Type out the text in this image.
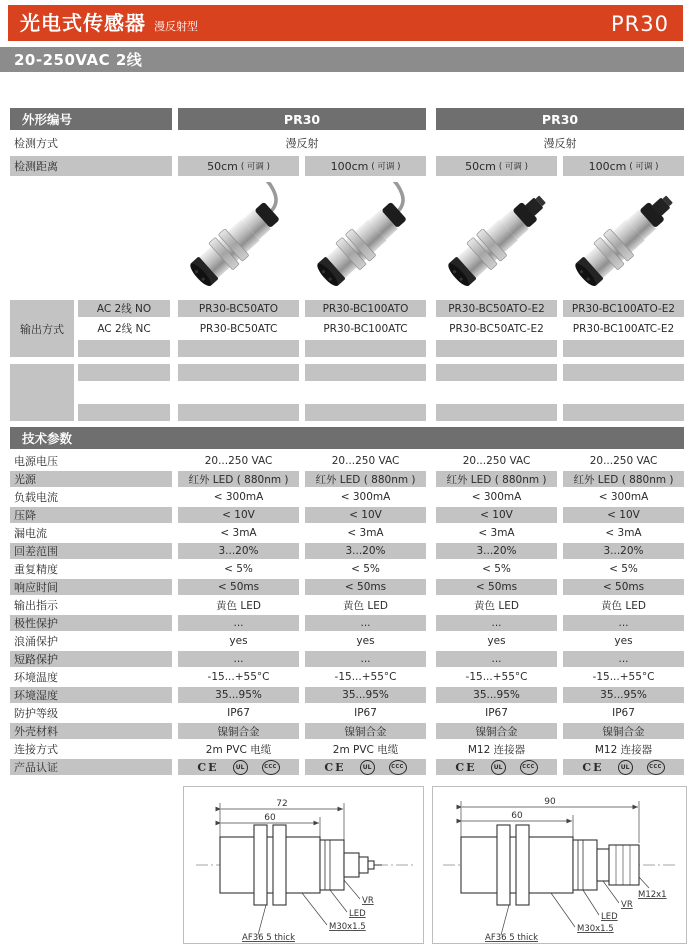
光电式传感器 漫反射型	PR30
20-250VAC 2线
外形编号	PR30	PR30
检测方式	漫反射	漫反射
检测距离	50cm ( 可调 )	100cm ( 可调 )	50cm ( 可调 )	100cm ( 可调 )
输出方式
AC 2线 NO	PR30-BC50ATO	PR30-BC100ATO	PR30-BC50ATO-E2	PR30-BC100ATO-E2
AC 2线 NC	PR30-BC50ATC	PR30-BC100ATC	PR30-BC50ATC-E2	PR30-BC100ATC-E2
技术参数
电源电压	20...250 VAC	20...250 VAC	20...250 VAC	20...250 VAC
光源	红外 LED ( 880nm )	红外 LED ( 880nm )	红外 LED ( 880nm )	红外 LED ( 880nm )
负载电流	< 300mA	< 300mA	< 300mA	< 300mA
压降	< 10V	< 10V	< 10V	< 10V
漏电流	< 3mA	< 3mA	< 3mA	< 3mA
回差范围	3...20%	3...20%	3...20%	3...20%
重复精度	< 5%	< 5%	< 5%	< 5%
响应时间	< 50ms	< 50ms	< 50ms	< 50ms
输出指示	黄色 LED	黄色 LED	黄色 LED	黄色 LED
极性保护	...	...	...	...
浪涌保护	yes	yes	yes	yes
短路保护	...	...	...	...
环境温度	-15...+55°C	-15...+55°C	-15...+55°C	-15...+55°C
环境湿度	35...95%	35...95%	35...95%	35...95%
防护等级	IP67	IP67	IP67	IP67
外壳材料	镍铜合金	镍铜合金	镍铜合金	镍铜合金
连接方式	2m PVC 电缆	2m PVC 电缆	M12 连接器	M12 连接器
产品认证	CE	UL	CCC	CE	UL	CCC	CE	UL	CCC	CE	UL	CCC
72
60
VR
LED
M30x1.5
AF36 5 thick
90
60
M12x1
VR
LED
M30x1.5
AF36 5 thick
